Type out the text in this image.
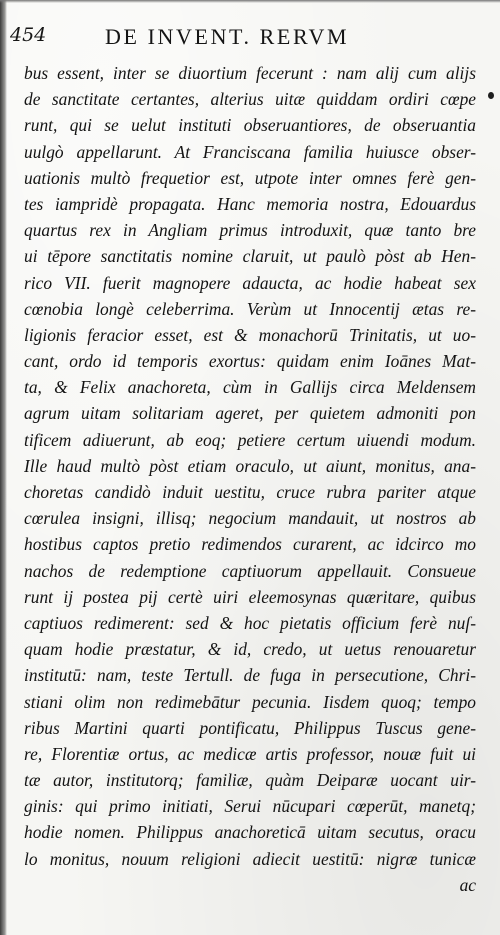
454	DE INVENT. RERVM
bus essent, inter se diuortium fecerunt : nam alij cum alijs
de sanctitate certantes, alterius uitæ quiddam ordiri cœpe
runt, qui se uelut instituti obseruantiores, de obseruantia
uulgò appellarunt. At Franciscana familia huiusce obser-
uationis multò frequetior est, utpote inter omnes ferè gen-
tes iampridè propagata. Hanc memoria nostra, Edouardus
quartus rex in Angliam primus introduxit, quæ tanto bre
ui tēpore sanctitatis nomine claruit, ut paulò pòst ab Hen-
rico VII. fuerit magnopere adaucta, ac hodie habeat sex
cœnobia longè celeberrima. Verùm ut Innocentij ætas re-
ligionis feracior esset, est & monachorū Trinitatis, ut uo-
cant, ordo id temporis exortus: quidam enim Ioānes Mat-
ta, & Felix anachoreta, cùm in Gallijs circa Meldensem
agrum uitam solitariam ageret, per quietem admoniti pon
tificem adiuerunt, ab eoq; petiere certum uiuendi modum.
Ille haud multò pòst etiam oraculo, ut aiunt, monitus, ana-
choretas candidò induit uestitu, cruce rubra pariter atque
cœrulea insigni, illisq; negocium mandauit, ut nostros ab
hostibus captos pretio redimendos curarent, ac idcirco mo
nachos de redemptione captiuorum appellauit. Consueue
runt ij postea pij certè uiri eleemosynas quæritare, quibus
captiuos redimerent: sed & hoc pietatis officium ferè nuſ-
quam hodie præstatur, & id, credo, ut uetus renouaretur
institutū: nam, teste Tertull. de fuga in persecutione, Chri-
stiani olim non redimebātur pecunia. Iisdem quoq; tempo
ribus Martini quarti pontificatu, Philippus Tuscus gene-
re, Florentiæ ortus, ac medicæ artis professor, nouæ fuit ui
tæ autor, institutorq; familiæ, quàm Deiparæ uocant uir-
ginis: qui primo initiati, Serui nūcupari cœperūt, manetq;
hodie nomen. Philippus anachoreticā uitam secutus, oracu
lo monitus, nouum religioni adiecit uestitū: nigræ tunicæ
ac
